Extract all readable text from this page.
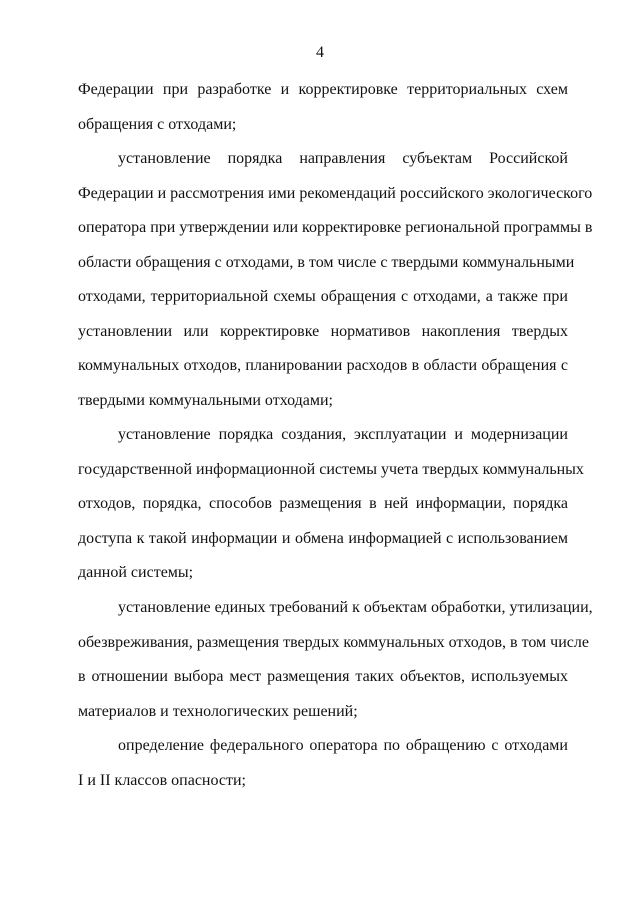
4
Федерации при разработке и корректировке территориальных схем
обращения с отходами;
установление порядка направления субъектам Российской
Федерации и рассмотрения ими рекомендаций российского экологического
оператора при утверждении или корректировке региональной программы в
области обращения с отходами, в том числе с твердыми коммунальными
отходами, территориальной схемы обращения с отходами, а также при
установлении или корректировке нормативов накопления твердых
коммунальных отходов, планировании расходов в области обращения с
твердыми коммунальными отходами;
установление порядка создания, эксплуатации и модернизации
государственной информационной системы учета твердых коммунальных
отходов, порядка, способов размещения в ней информации, порядка
доступа к такой информации и обмена информацией с использованием
данной системы;
установление единых требований к объектам обработки, утилизации,
обезвреживания, размещения твердых коммунальных отходов, в том числе
в отношении выбора мест размещения таких объектов, используемых
материалов и технологических решений;
определение федерального оператора по обращению с отходами
I и II классов опасности;
